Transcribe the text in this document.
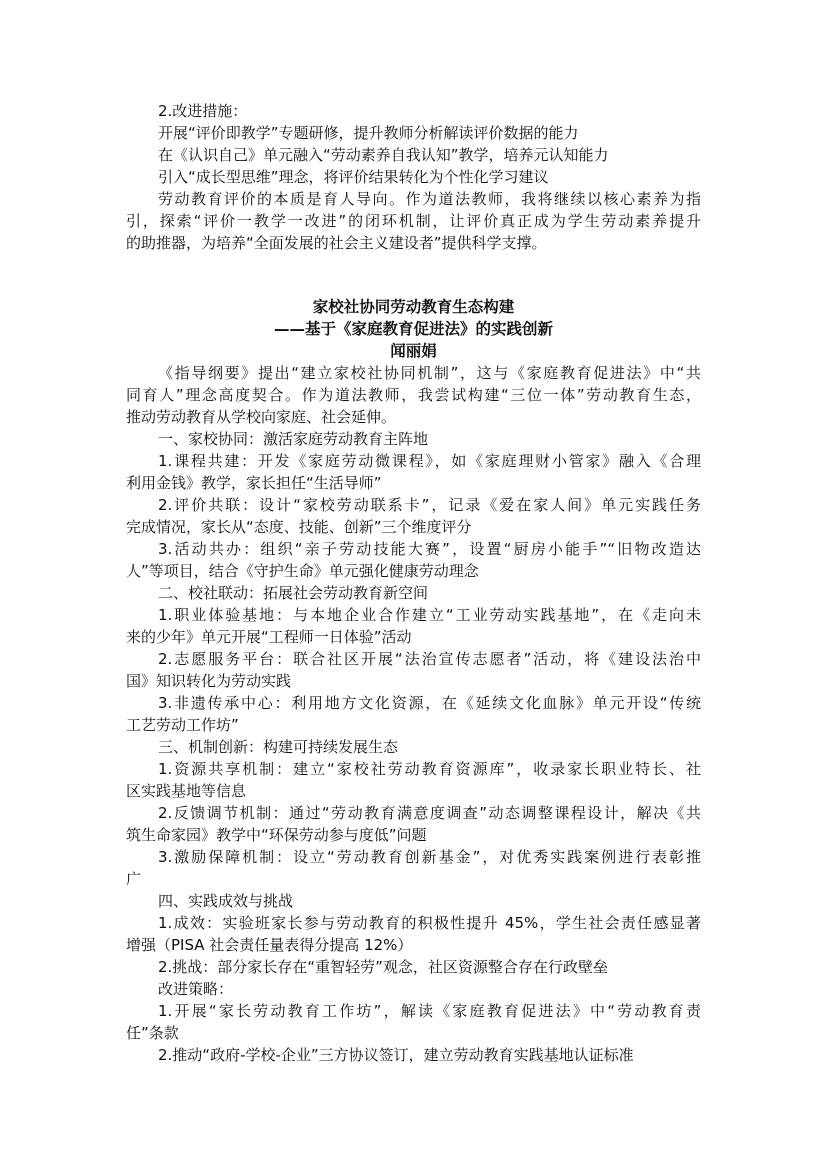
2.改进措施：
开展“评价即教学”专题研修，提升教师分析解读评价数据的能力
在《认识自己》单元融入“劳动素养自我认知”教学，培养元认知能力
引入“成长型思维”理念，将评价结果转化为个性化学习建议
劳动教育评价的本质是育人导向。作为道法教师，我将继续以核心素养为指
引，探索“评价一教学一改进”的闭环机制，让评价真正成为学生劳动素养提升
的助推器，为培养“全面发展的社会主义建设者”提供科学支撑。
家校社协同劳动教育生态构建
——基于《家庭教育促进法》的实践创新
闻丽娟
《指导纲要》提出“建立家校社协同机制”，这与《家庭教育促进法》中“共
同育人”理念高度契合。作为道法教师，我尝试构建“三位一体”劳动教育生态，
推动劳动教育从学校向家庭、社会延伸。
一、家校协同：激活家庭劳动教育主阵地
1.课程共建：开发《家庭劳动微课程》，如《家庭理财小管家》融入《合理
利用金钱》教学，家长担任“生活导师”
2.评价共联：设计“家校劳动联系卡”，记录《爱在家人间》单元实践任务
完成情况，家长从“态度、技能、创新”三个维度评分
3.活动共办：组织“亲子劳动技能大赛”，设置“厨房小能手”“旧物改造达
人”等项目，结合《守护生命》单元强化健康劳动理念
二、校社联动：拓展社会劳动教育新空间
1.职业体验基地：与本地企业合作建立“工业劳动实践基地”，在《走向未
来的少年》单元开展“工程师一日体验”活动
2.志愿服务平台：联合社区开展“法治宣传志愿者”活动，将《建设法治中
国》知识转化为劳动实践
3.非遗传承中心：利用地方文化资源，在《延续文化血脉》单元开设“传统
工艺劳动工作坊”
三、机制创新：构建可持续发展生态
1.资源共享机制：建立“家校社劳动教育资源库”，收录家长职业特长、社
区实践基地等信息
2.反馈调节机制：通过“劳动教育满意度调查”动态调整课程设计，解决《共
筑生命家园》教学中“环保劳动参与度低”问题
3.激励保障机制：设立“劳动教育创新基金”，对优秀实践案例进行表彰推
广
四、实践成效与挑战
1.成效：实验班家长参与劳动教育的积极性提升 45%，学生社会责任感显著
增强（PISA 社会责任量表得分提高 12%）
2.挑战：部分家长存在“重智轻劳”观念，社区资源整合存在行政壁垒
改进策略：
1.开展“家长劳动教育工作坊”，解读《家庭教育促进法》中“劳动教育责
任”条款
2.推动“政府-学校-企业”三方协议签订，建立劳动教育实践基地认证标准
